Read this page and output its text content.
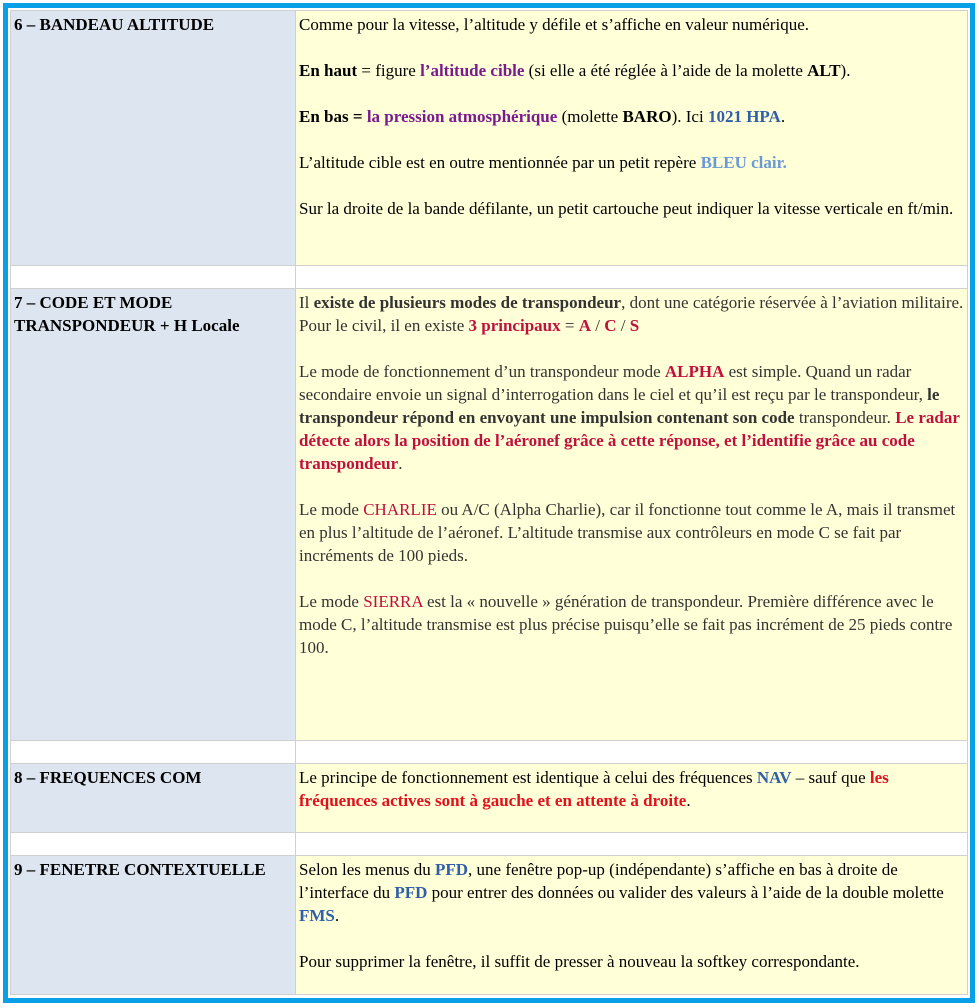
6 – BANDEAU ALTITUDE	Comme pour la vitesse, l’altitude y défile et s’affiche en valeur numérique.

En haut = figure l’altitude cible (si elle a été réglée à l’aide de la molette ALT).

En bas = la pression atmosphérique (molette BARO). Ici 1021 HPA.

L’altitude cible est en outre mentionnée par un petit repère BLEU clair.

Sur la droite de la bande défilante, un petit cartouche peut indiquer la vitesse verticale en ft/min.

7 – CODE ET MODE TRANSPONDEUR + H Locale	Il existe de plusieurs modes de transpondeur, dont une catégorie réservée à l’aviation militaire. Pour le civil, il en existe 3 principaux = A / C / S

Le mode de fonctionnement d’un transpondeur mode ALPHA est simple. Quand un radar secondaire envoie un signal d’interrogation dans le ciel et qu’il est reçu par le transpondeur, le transpondeur répond en envoyant une impulsion contenant son code transpondeur. Le radar détecte alors la position de l’aéronef grâce à cette réponse, et l’identifie grâce au code transpondeur.

Le mode CHARLIE ou A/C (Alpha Charlie), car il fonctionne tout comme le A, mais il transmet en plus l’altitude de l’aéronef. L’altitude transmise aux contrôleurs en mode C se fait par incréments de 100 pieds.

Le mode SIERRA est la « nouvelle » génération de transpondeur. Première différence avec le mode C, l’altitude transmise est plus précise puisqu’elle se fait pas incrément de 25 pieds contre 100.

8 – FREQUENCES COM	Le principe de fonctionnement est identique à celui des fréquences NAV – sauf que les fréquences actives sont à gauche et en attente à droite.

9 – FENETRE CONTEXTUELLE	Selon les menus du PFD, une fenêtre pop-up (indépendante) s’affiche en bas à droite de l’interface du PFD pour entrer des données ou valider des valeurs à l’aide de la double molette FMS.

Pour supprimer la fenêtre, il suffit de presser à nouveau la softkey correspondante.
